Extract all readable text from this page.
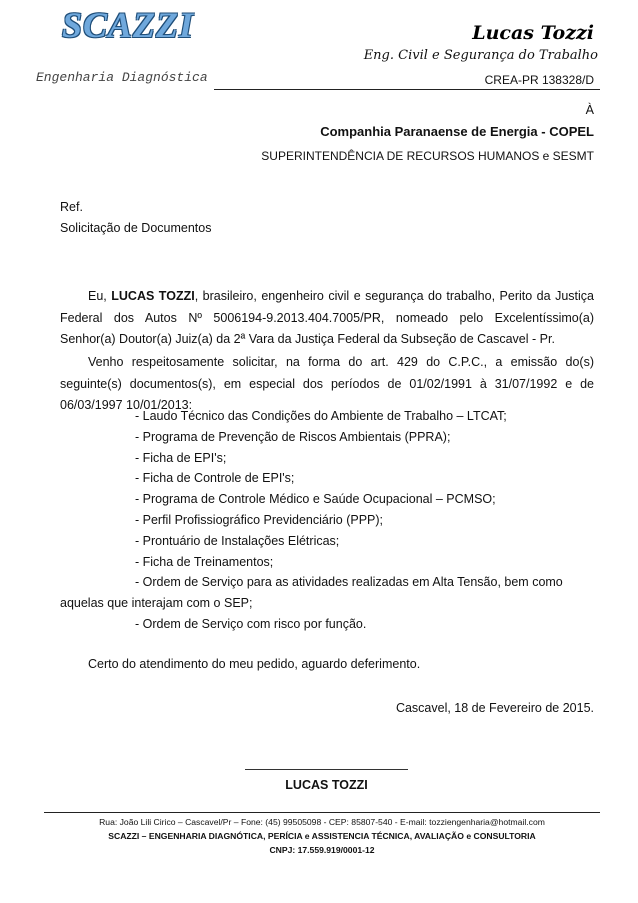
SCAZZI
Engenharia Diagnóstica
Lucas Tozzi
Eng. Civil e Segurança do Trabalho
CREA-PR 138328/D
À
Companhia Paranaense de Energia - COPEL
SUPERINTENDÊNCIA DE RECURSOS HUMANOS e SESMT
Ref.
Solicitação de Documentos
Eu, LUCAS TOZZI, brasileiro, engenheiro civil e segurança do trabalho, Perito da Justiça Federal dos Autos Nº 5006194-9.2013.404.7005/PR, nomeado pelo Excelentíssimo(a) Senhor(a) Doutor(a) Juiz(a) da 2ª Vara da Justiça Federal da Subseção de Cascavel - Pr.
Venho respeitosamente solicitar, na forma do art. 429 do C.P.C., a emissão do(s) seguinte(s) documentos(s), em especial dos períodos de 01/02/1991 à 31/07/1992 e de 06/03/1997 10/01/2013:
- Laudo Técnico das Condições do Ambiente de Trabalho – LTCAT;
- Programa de Prevenção de Riscos Ambientais (PPRA);
- Ficha de EPI's;
- Ficha de Controle de EPI's;
- Programa de Controle Médico e Saúde Ocupacional – PCMSO;
- Perfil Profissiográfico Previdenciário (PPP);
- Prontuário de Instalações Elétricas;
- Ficha de Treinamentos;
- Ordem de Serviço para as atividades realizadas em Alta Tensão, bem como aquelas que interajam com o SEP;
- Ordem de Serviço com risco por função.
Certo do atendimento do meu pedido, aguardo deferimento.
Cascavel, 18 de Fevereiro de 2015.
LUCAS TOZZI
Rua: João Lili Cirico – Cascavel/Pr – Fone: (45) 99505098 - CEP: 85807-540 - E-mail: tozziengenharia@hotmail.com
SCAZZI – ENGENHARIA DIAGNÓTICA, PERÍCIA e ASSISTENCIA TÉCNICA, AVALIAÇÃO e CONSULTORIA
CNPJ: 17.559.919/0001-12
